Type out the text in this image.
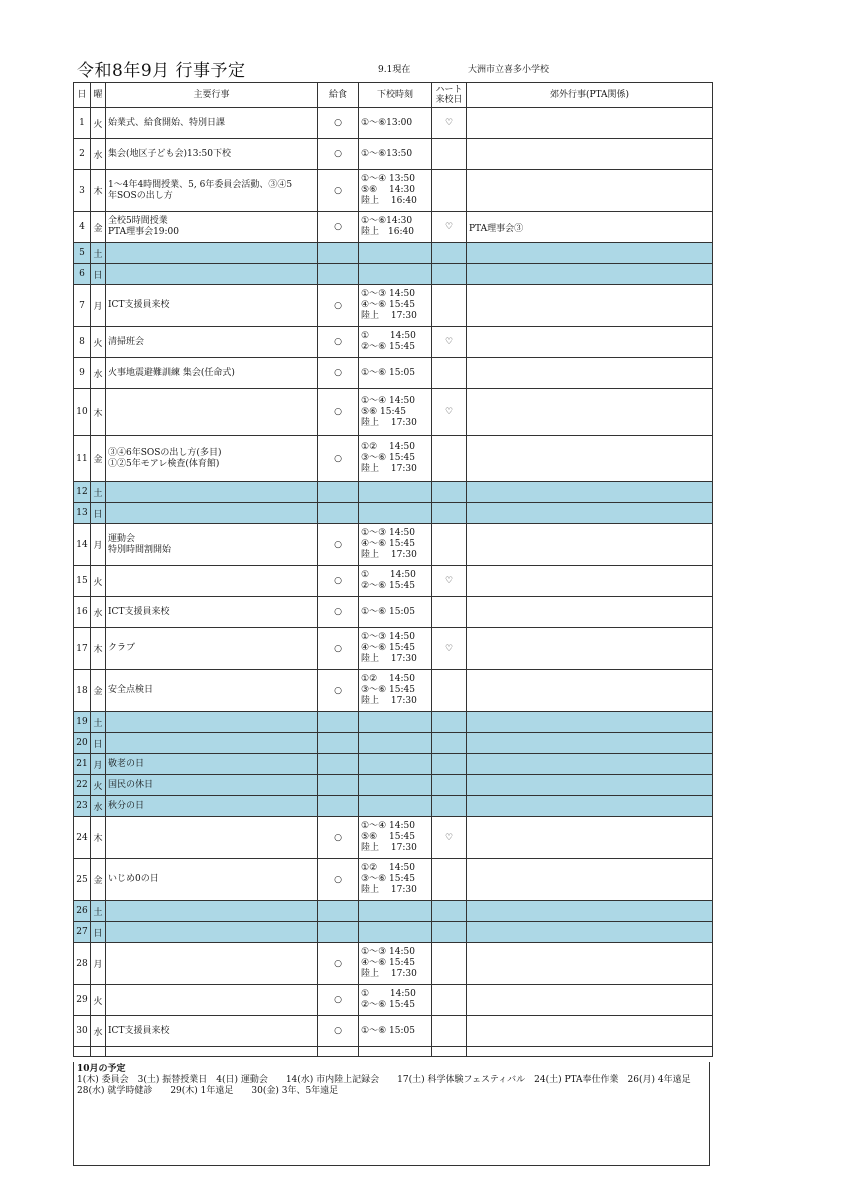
令和8年9月 行事予定	9.1現在	大洲市立喜多小学校
日	曜	主要行事	給食	下校時刻	ハート
来校日	郊外行事(PTA関係)
1	火	始業式、給食開始、特別日課	○	①～⑥13:00	♡	
2	水	集会(地区子ども会)13:50下校	○	①～⑥13:50		

3	木	1～4年4時間授業、5, 6年委員会活動、③④5
年SOSの出し方	○	①～④ 13:50
⑤⑥　 14:30
陸上　 16:40		

4	金	全校5時間授業
PTA理事会19:00	○	①～⑥14:30
陸上　16:40	♡	PTA理事会③
5	土					
6	日					
7	月	ICT支援員来校	○	①～③ 14:50
④～⑥ 15:45
陸上　 17:30		

8	火	清掃班会	○	①　　 14:50
②～⑥ 15:45	♡	
9	水	火事地震避難訓練 集会(任命式)	○	①～⑥ 15:05		

10	木		○	①～④ 14:50
⑤⑥ 15:45
陸上　 17:30	♡	
11	金	③④6年SOSの出し方(多目)
①②5年モアレ検査(体育館)	○	①②　 14:50
③～⑥ 15:45
陸上　 17:30		

12	土					
13	日					
14	月	運動会
特別時間割開始	○	①～③ 14:50
④～⑥ 15:45
陸上　 17:30		

15	火		○	①　　 14:50
②～⑥ 15:45	♡	
16	水	ICT支援員来校	○	①～⑥ 15:05		

17	木	クラブ	○	①～③ 14:50
④～⑥ 15:45
陸上　 17:30	♡	
18	金	安全点検日	○	①②　 14:50
③～⑥ 15:45
陸上　 17:30		

19	土					
20	日					
21	月	敬老の日				

22	火	国民の休日				

23	水	秋分の日				

24	木		○	①～④ 14:50
⑤⑥　 15:45
陸上　 17:30	♡	
25	金	いじめ0の日	○	①②　 14:50
③～⑥ 15:45
陸上　 17:30		

26	土					
27	日					
28	月		○	①～③ 14:50
④～⑥ 15:45
陸上　 17:30		

29	火		○	①　　 14:50
②～⑥ 15:45		

30	水	ICT支援員来校	○	①～⑥ 15:05		

10月の予定
1(木) 委員会　3(土) 振替授業日　4(日) 運動会　　14(水) 市内陸上記録会　　17(土) 科学体験フェスティバル　24(土) PTA奉仕作業　26(月) 4年遠足　　28(水) 就学時健診　　29(木) 1年遠足　　30(金) 3年、5年遠足
